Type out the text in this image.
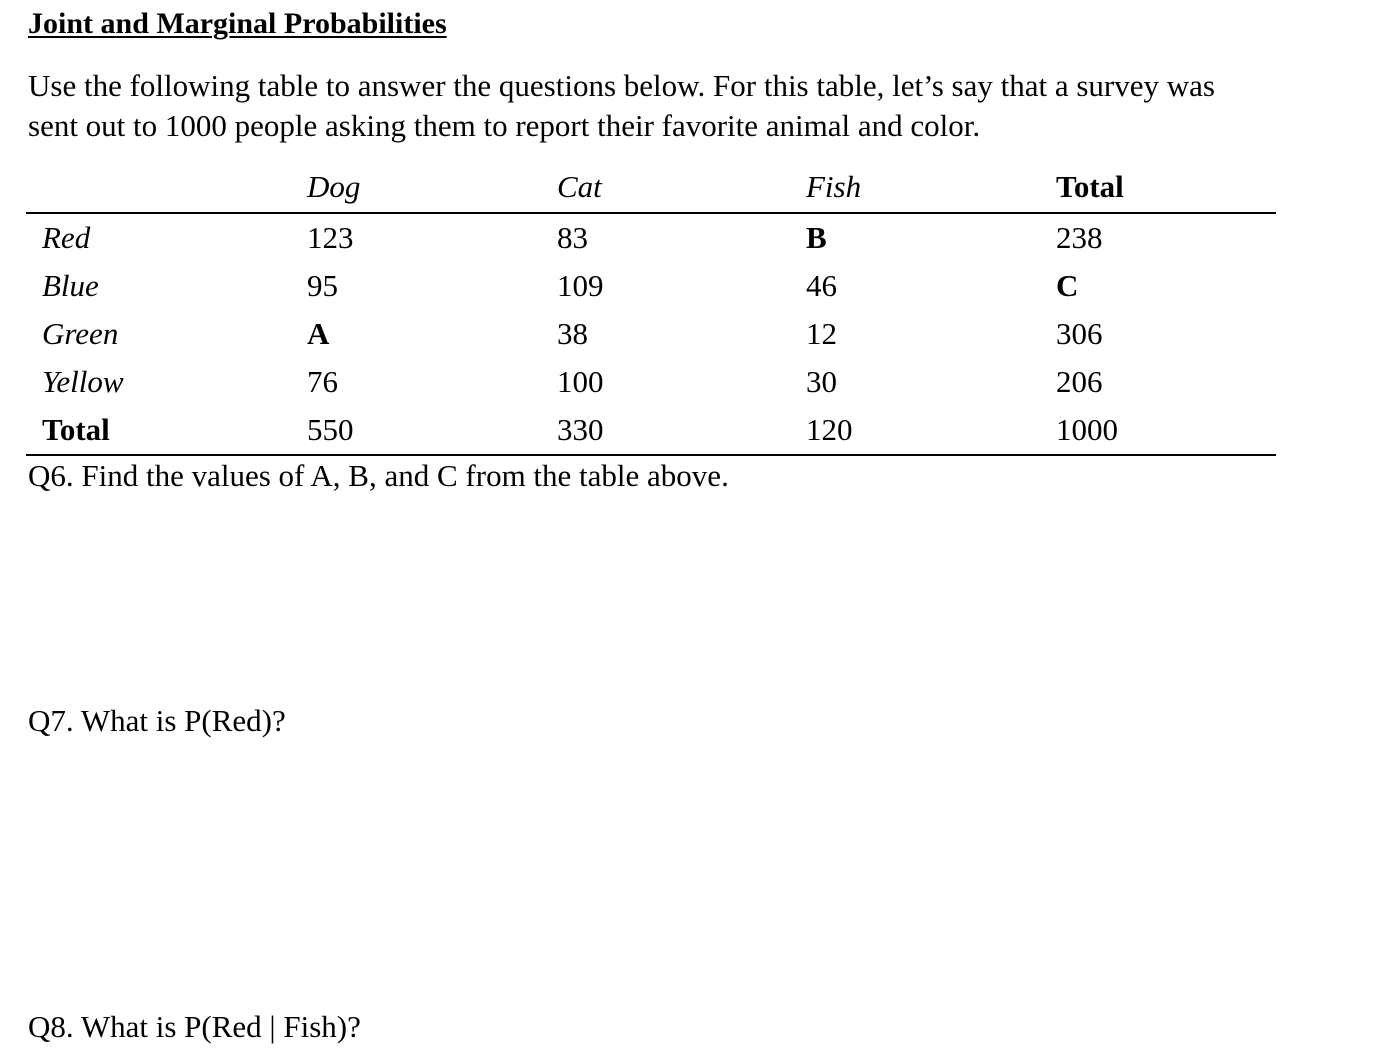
Joint and Marginal Probabilities

Use the following table to answer the questions below. For this table, let’s say that a survey was
sent out to 1000 people asking them to report their favorite animal and color.

	Dog	Cat	Fish	Total
Red	123	83	B	238
Blue	95	109	46	C
Green	A	38	12	306
Yellow	76	100	30	206
Total	550	330	120	1000

Q6. Find the values of A, B, and C from the table above.

Q7. What is P(Red)?

Q8. What is P(Red | Fish)?
